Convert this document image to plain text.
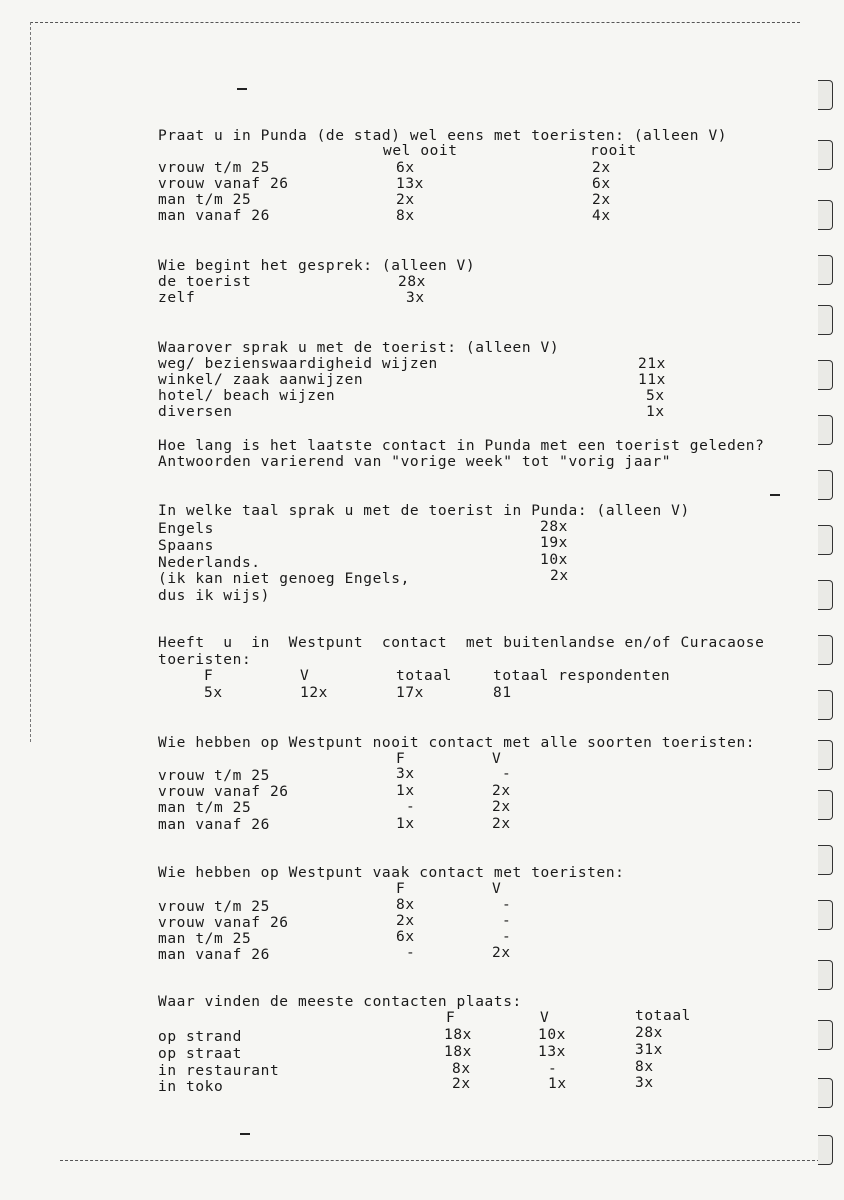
Praat u in Punda (de stad) wel eens met toeristen: (alleen V)
wel ooit	rooit
vrouw t/m 25	6x	2x
vrouw vanaf 26	13x	6x
man t/m 25	2x	2x
man vanaf 26	8x	4x
Wie begint het gesprek: (alleen V)
de toerist	28x
zelf	3x
Waarover sprak u met de toerist: (alleen V)
weg/ bezienswaardigheid wijzen	21x
winkel/ zaak aanwijzen	11x
hotel/ beach wijzen	5x
diversen	1x
Hoe lang is het laatste contact in Punda met een toerist geleden?
Antwoorden varierend van "vorige week" tot "vorig jaar"
In welke taal sprak u met de toerist in Punda: (alleen V)
Engels	28x
Spaans	19x
Nederlands.	10x
(ik kan niet genoeg Engels,	2x
dus ik wijs)
Heeft  u  in  Westpunt  contact  met buitenlandse en/of Curacaose
toeristen:
F	V	totaal	totaal respondenten
5x	12x	17x	81
Wie hebben op Westpunt nooit contact met alle soorten toeristen:
F	V
vrouw t/m 25	3x	-
vrouw vanaf 26	1x	2x
man t/m 25	-	2x
man vanaf 26	1x	2x
Wie hebben op Westpunt vaak contact met toeristen:
F	V
vrouw t/m 25	8x	-
vrouw vanaf 26	2x	-
man t/m 25	6x	-
man vanaf 26	-	2x
Waar vinden de meeste contacten plaats:
F	V	totaal
op strand	18x	10x	28x
op straat	18x	13x	31x
in restaurant	8x	-	8x
in toko	2x	1x	3x
